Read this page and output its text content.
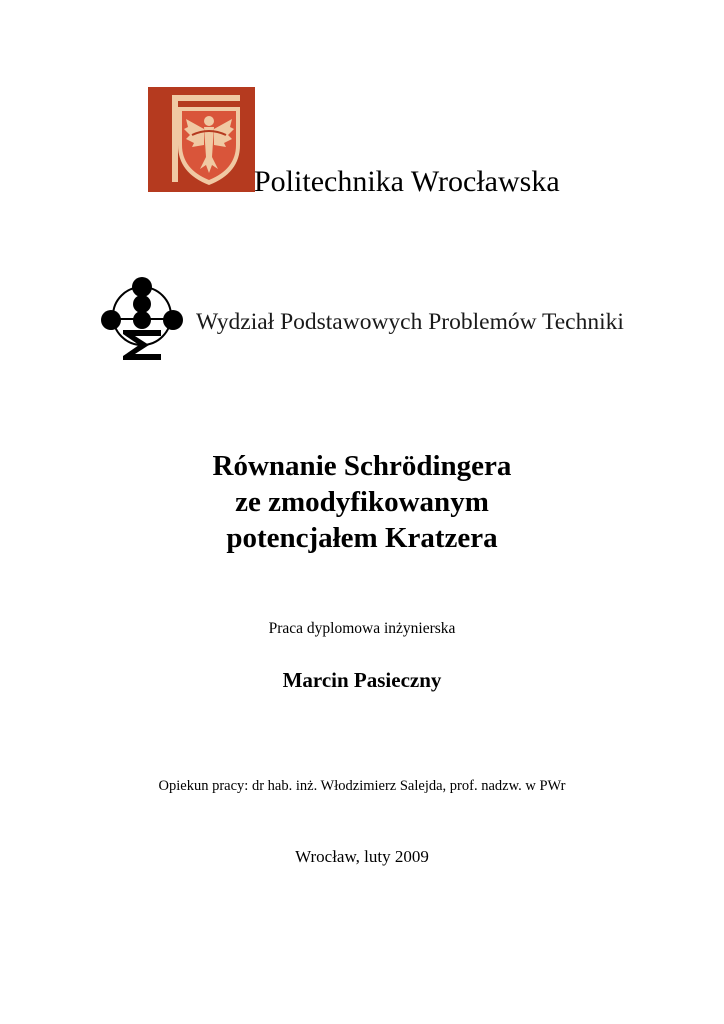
Politechnika Wrocławska
Wydział Podstawowych Problemów Techniki
Równanie Schrödingera
ze zmodyfikowanym
potencjałem Kratzera
Praca dyplomowa inżynierska
Marcin Pasieczny
Opiekun pracy: dr hab. inż. Włodzimierz Salejda, prof. nadzw. w PWr
Wrocław, luty 2009
